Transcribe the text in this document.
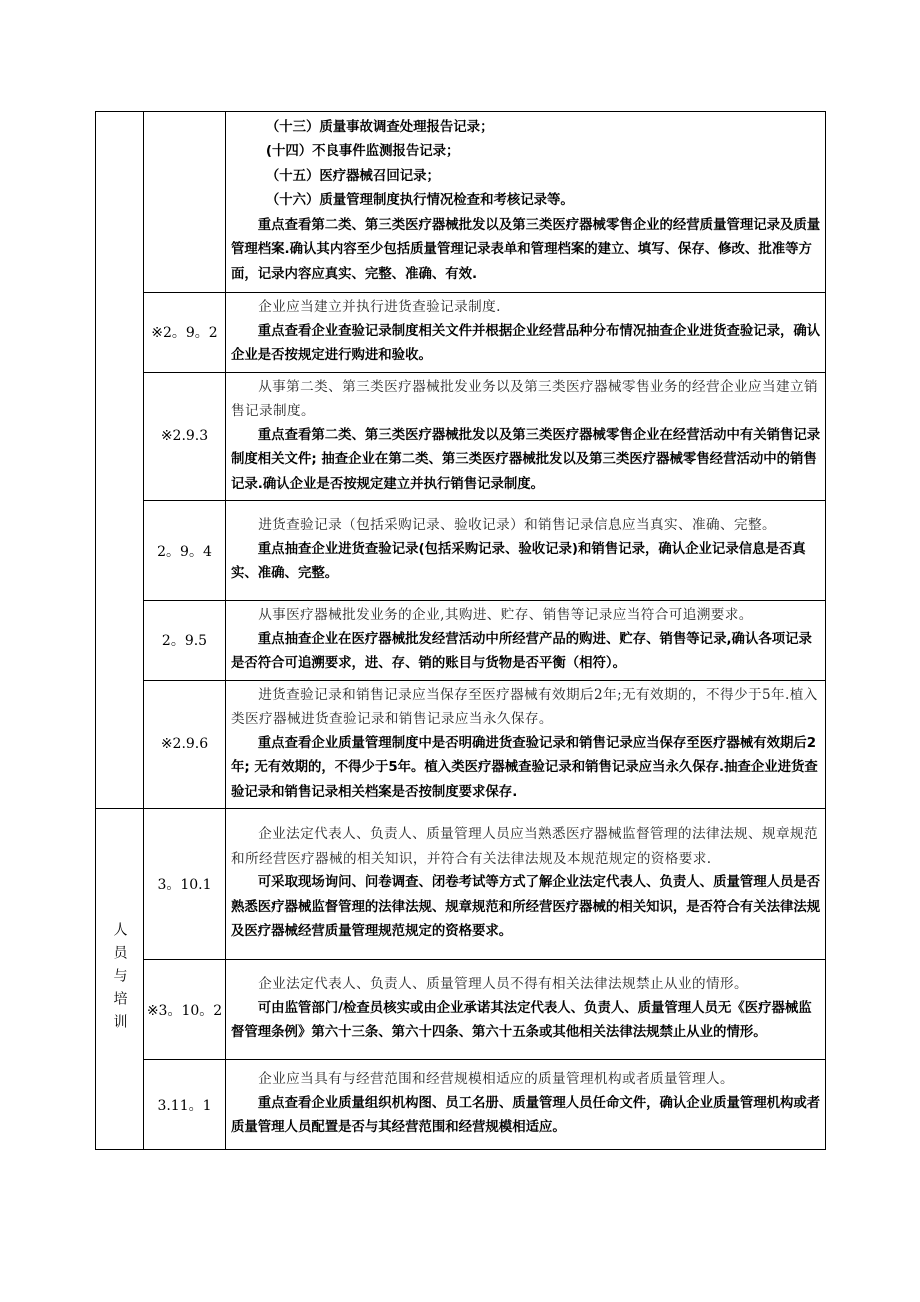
		（十三）质量事故调查处理报告记录；

(十四）不良事件监测报告记录；

（十五）医疗器械召回记录；

（十六）质量管理制度执行情况检查和考核记录等。

重点查看第二类、第三类医疗器械批发以及第三类医疗器械零售企业的经营质量管理记录及质量管理档案.确认其内容至少包括质量管理记录表单和管理档案的建立、填写、保存、修改、批准等方面，记录内容应真实、完整、准确、有效.

	※2。9。2	企业应当建立并执行进货查验记录制度.

重点查看企业查验记录制度相关文件并根据企业经营品种分布情况抽查企业进货查验记录，确认企业是否按规定进行购进和验收。

	※2.9.3	从事第二类、第三类医疗器械批发业务以及第三类医疗器械零售业务的经营企业应当建立销售记录制度。

重点查看第二类、第三类医疗器械批发以及第三类医疗器械零售企业在经营活动中有关销售记录制度相关文件; 抽查企业在第二类、第三类医疗器械批发以及第三类医疗器械零售经营活动中的销售记录.确认企业是否按规定建立并执行销售记录制度。

	2。9。4	进货查验记录（包括采购记录、验收记录）和销售记录信息应当真实、准确、完整。

重点抽查企业进货查验记录(包括采购记录、验收记录)和销售记录，确认企业记录信息是否真实、准确、完整。

	2。9.5	从事医疗器械批发业务的企业,其购进、贮存、销售等记录应当符合可追溯要求。

重点抽查企业在医疗器械批发经营活动中所经营产品的购进、贮存、销售等记录,确认各项记录是否符合可追溯要求，进、存、销的账目与货物是否平衡（相符）。

	※2.9.6	进货查验记录和销售记录应当保存至医疗器械有效期后2年;无有效期的，不得少于5年.植入类医疗器械进货查验记录和销售记录应当永久保存。

重点查看企业质量管理制度中是否明确进货查验记录和销售记录应当保存至医疗器械有效期后2年; 无有效期的，不得少于5年。植入类医疗器械查验记录和销售记录应当永久保存.抽查企业进货查验记录和销售记录相关档案是否按制度要求保存.

人员与培训	3。10.1	企业法定代表人、负责人、质量管理人员应当熟悉医疗器械监督管理的法律法规、规章规范和所经营医疗器械的相关知识，并符合有关法律法规及本规范规定的资格要求.

可采取现场询问、问卷调查、闭卷考试等方式了解企业法定代表人、负责人、质量管理人员是否熟悉医疗器械监督管理的法律法规、规章规范和所经营医疗器械的相关知识，是否符合有关法律法规及医疗器械经营质量管理规范规定的资格要求。

	※3。10。2	企业法定代表人、负责人、质量管理人员不得有相关法律法规禁止从业的情形。

可由监管部门/检查员核实或由企业承诺其法定代表人、负责人、质量管理人员无《医疗器械监督管理条例》第六十三条、第六十四条、第六十五条或其他相关法律法规禁止从业的情形。

	3.11。1	企业应当具有与经营范围和经营规模相适应的质量管理机构或者质量管理人。

重点查看企业质量组织机构图、员工名册、质量管理人员任命文件，确认企业质量管理机构或者质量管理人员配置是否与其经营范围和经营规模相适应。
